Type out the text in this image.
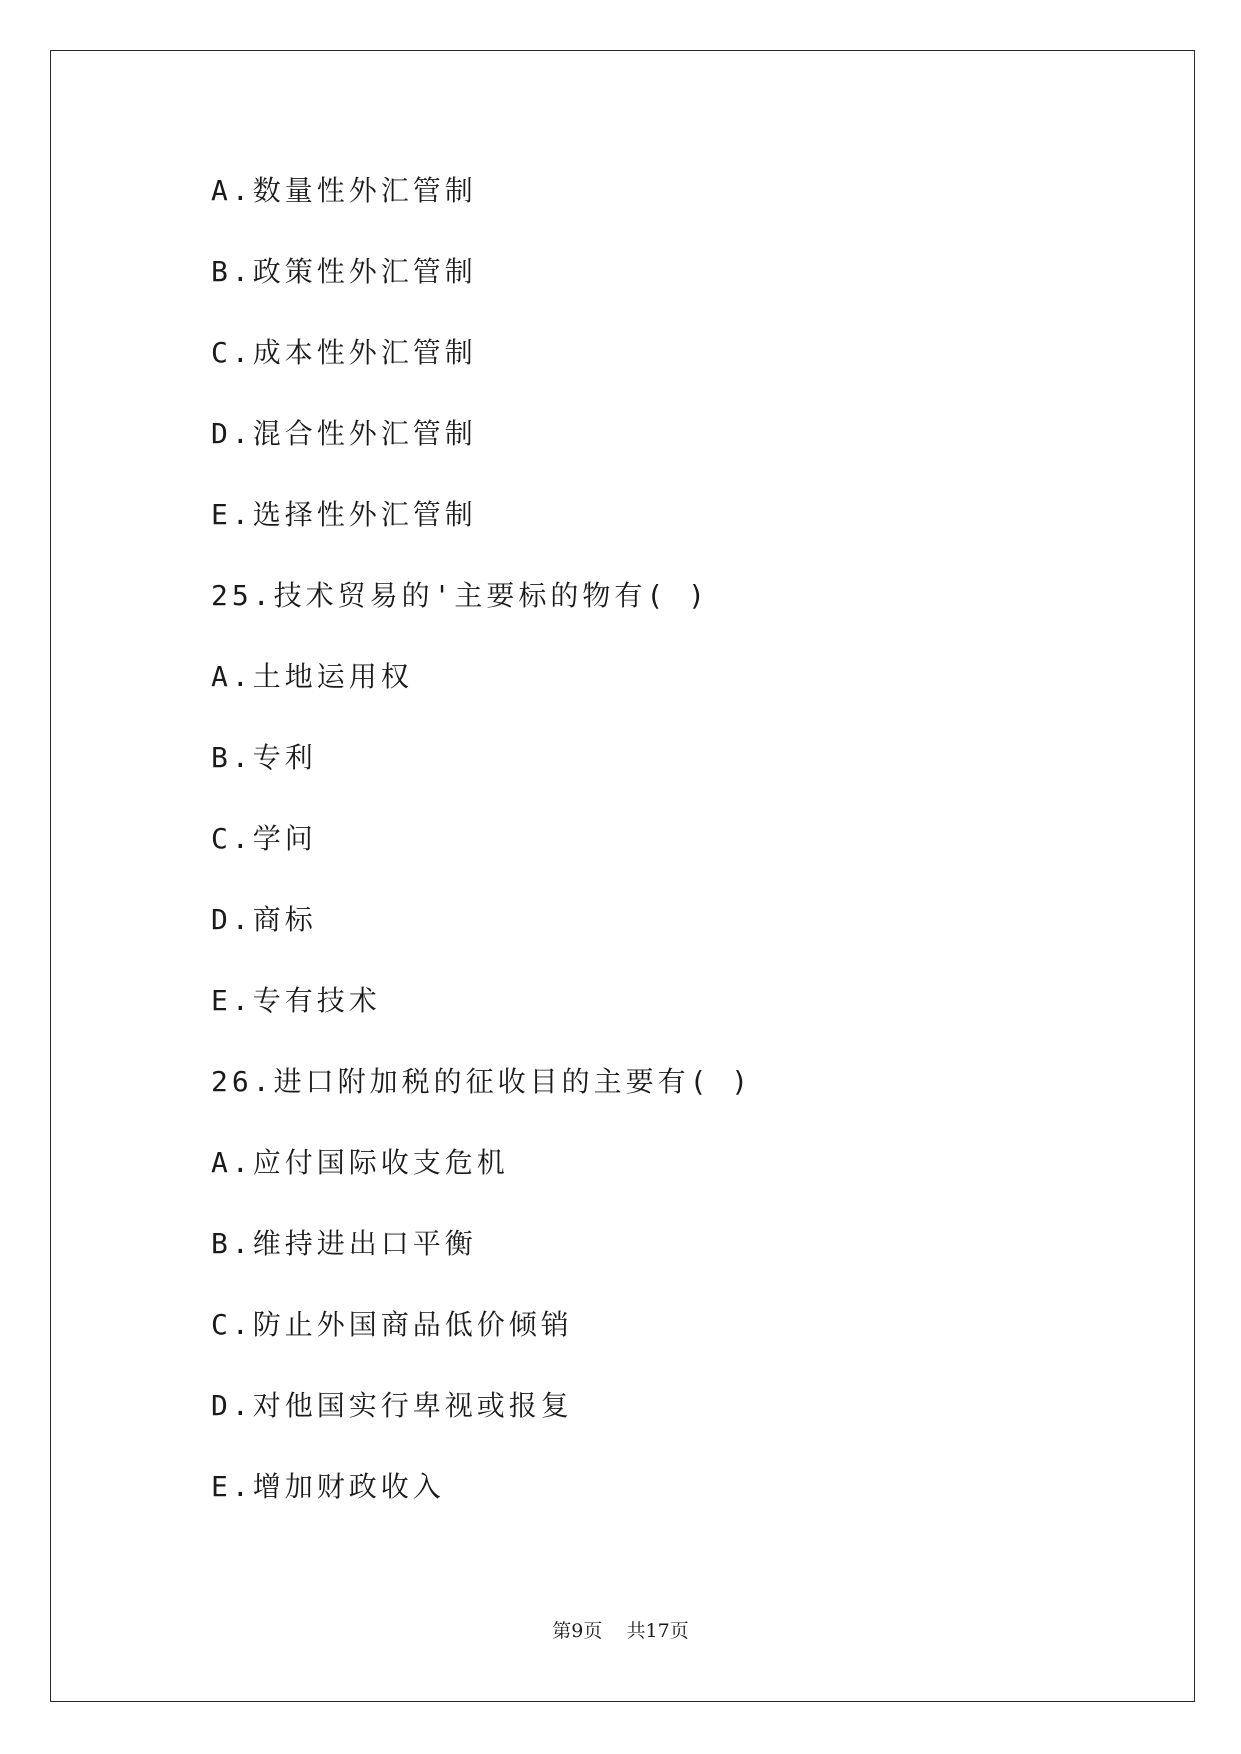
A.数量性外汇管制
B.政策性外汇管制
C.成本性外汇管制
D.混合性外汇管制
E.选择性外汇管制
25.技术贸易的'主要标的物有( )
A.土地运用权
B.专利
C.学问
D.商标
E.专有技术
26.进口附加税的征收目的主要有( )
A.应付国际收支危机
B.维持进出口平衡
C.防止外国商品低价倾销
D.对他国实行卑视或报复
E.增加财政收入
第9页 共17页
